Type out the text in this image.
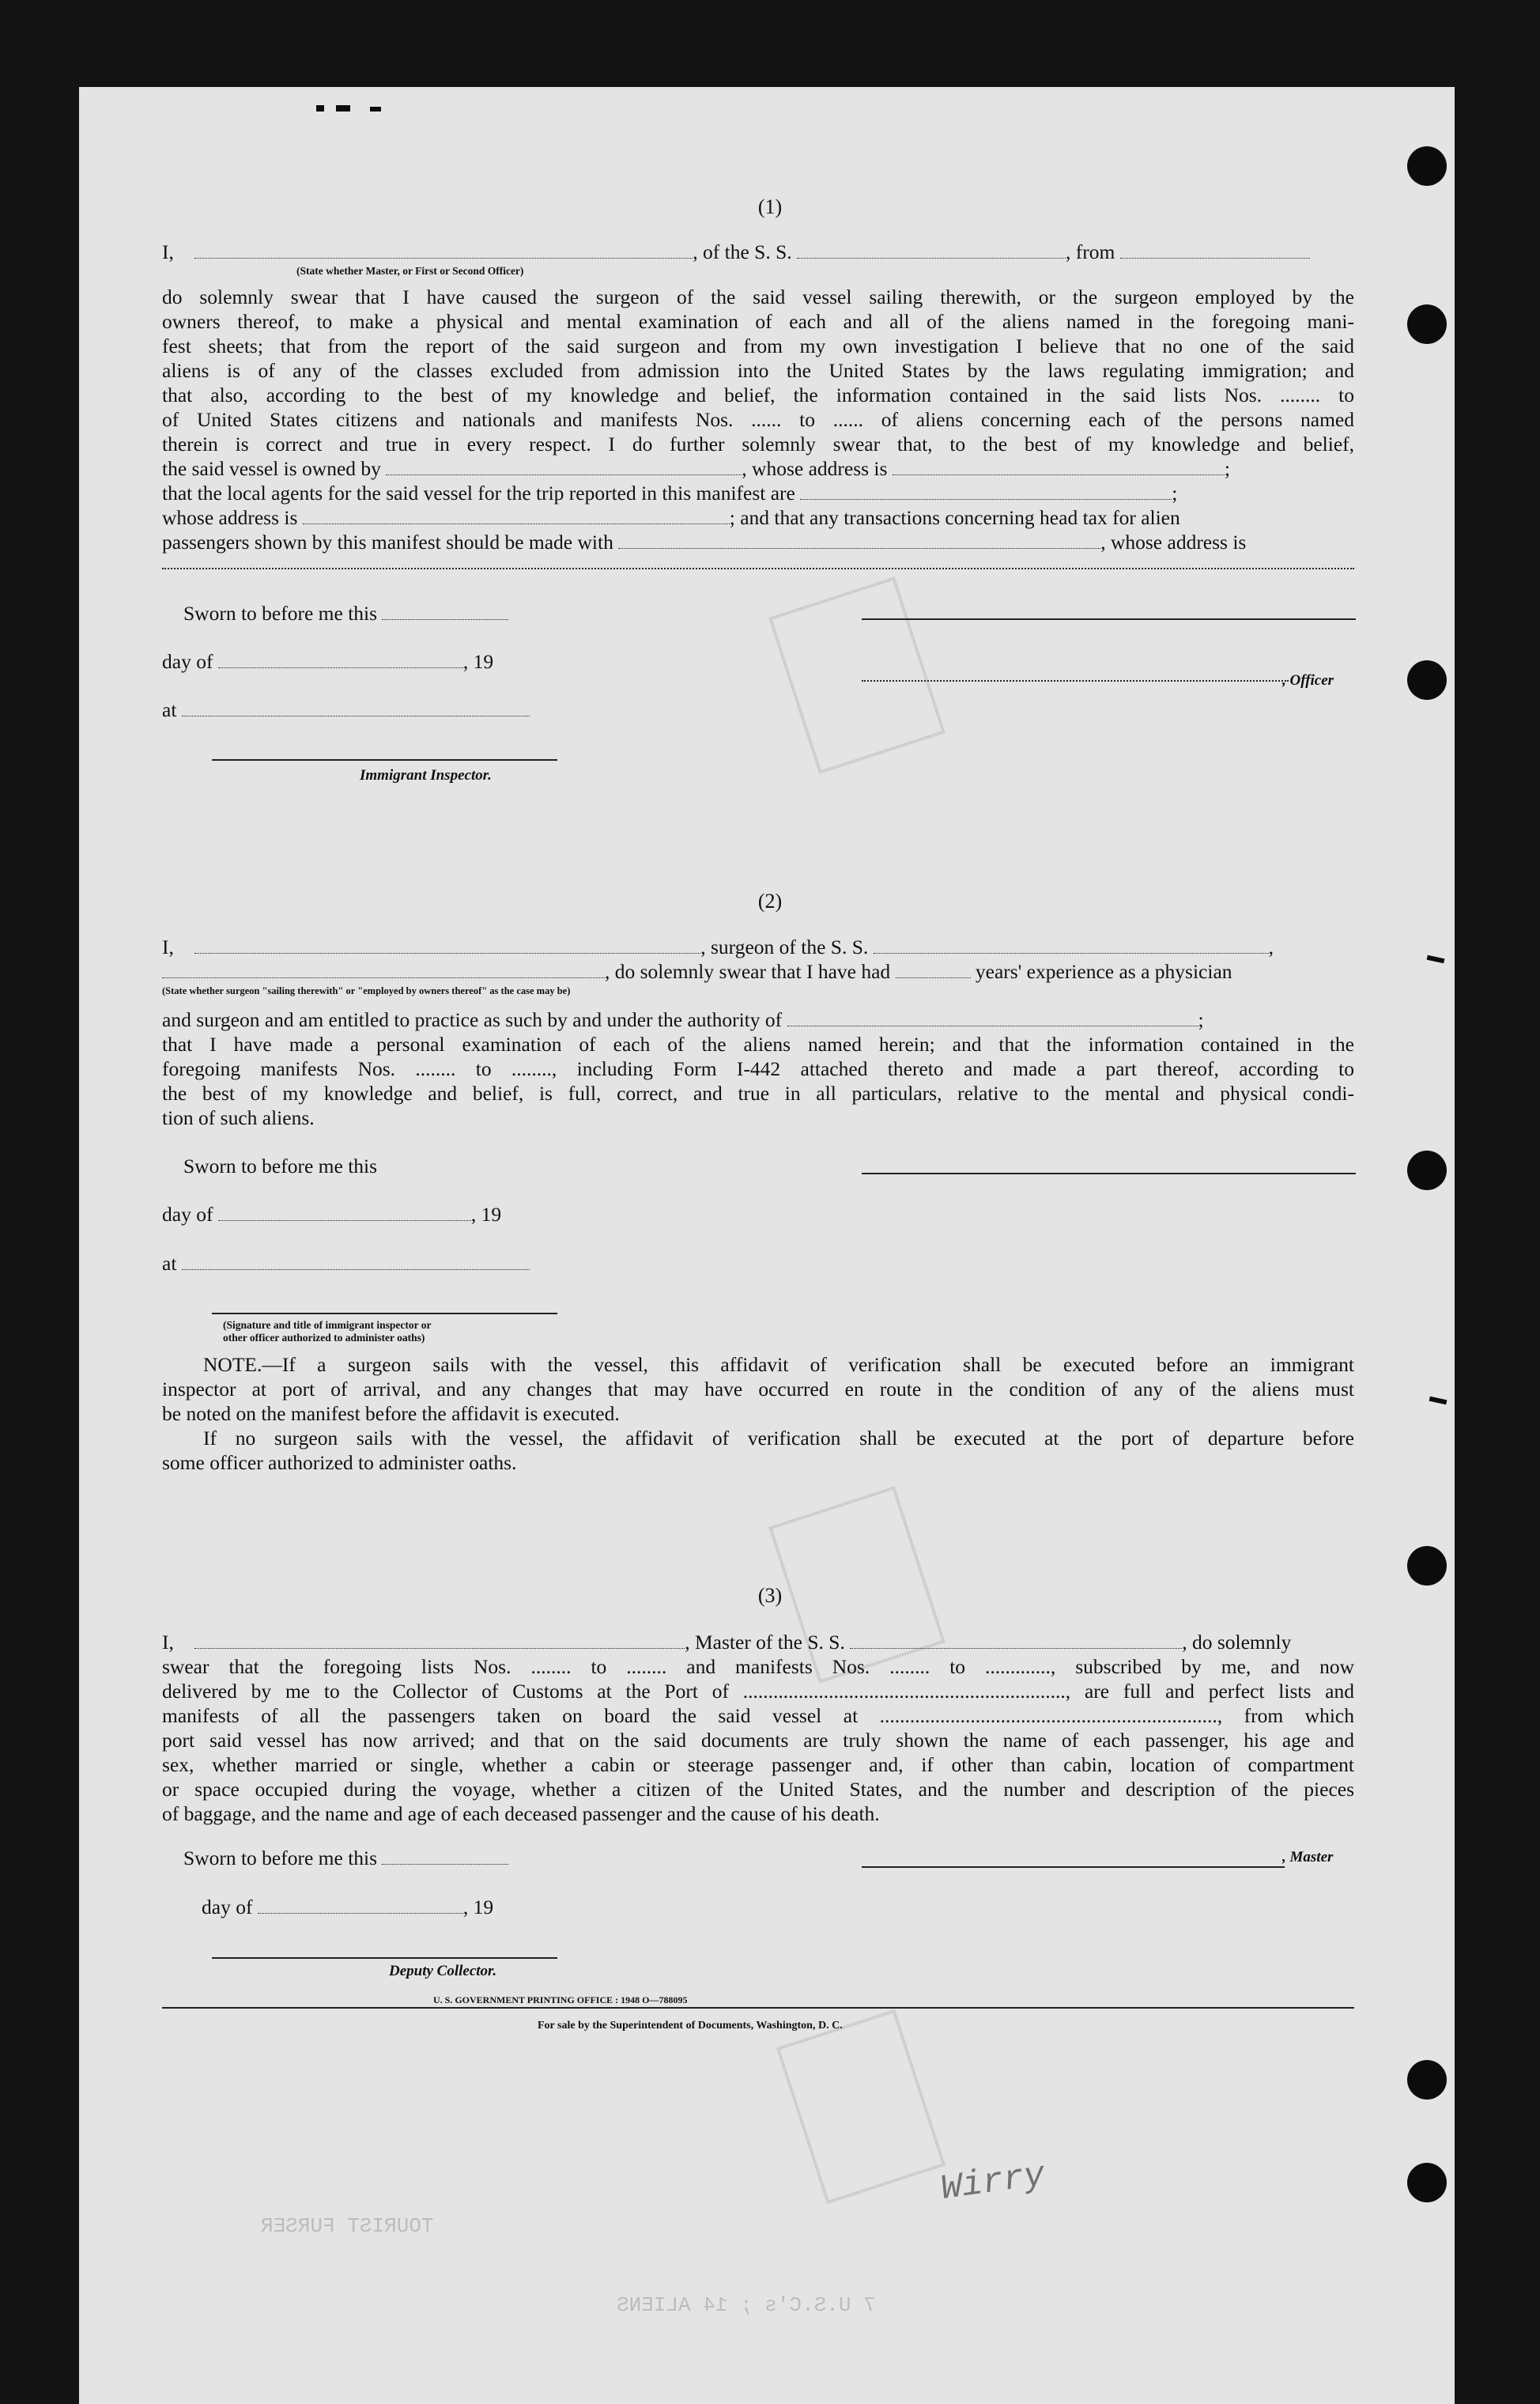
TOURIST FURSER
7 U.S.C's ; 14 ALIENS
Wirry
(1)
I,	, of the S. S.	, from
(State whether Master, or First or Second Officer)
do solemnly swear that I have caused the surgeon of the said vessel sailing therewith, or the surgeon employed by the
owners thereof, to make a physical and mental examination of each and all of the aliens named in the foregoing mani-
fest sheets; that from the report of the said surgeon and from my own investigation I believe that no one of the said
aliens is of any of the classes excluded from admission into the United States by the laws regulating immigration; and
that also, according to the best of my knowledge and belief, the information contained in the said lists Nos. ........ to
of United States citizens and nationals and manifests Nos. ...... to ...... of aliens concerning each of the persons named
therein is correct and true in every respect. I do further solemnly swear that, to the best of my knowledge and belief,
the said vessel is owned by	, whose address is	;
that the local agents for the said vessel for the trip reported in this manifest are	;
whose address is	; and that any transactions concerning head tax for alien
passengers shown by this manifest should be made with	, whose address is
Sworn to before me this
day of	, 19
, Officer
at
Immigrant Inspector.
(2)
I,	, surgeon of the S. S.	,
, do solemnly swear that I have had	years' experience as a physician
(State whether surgeon "sailing therewith" or "employed by owners thereof" as the case may be)
and surgeon and am entitled to practice as such by and under the authority of	;
that I have made a personal examination of each of the aliens named herein; and that the information contained in the
foregoing manifests Nos. ........ to ........, including Form I-442 attached thereto and made a part thereof, according to
the best of my knowledge and belief, is full, correct, and true in all particulars, relative to the mental and physical condi-
tion of such aliens.
Sworn to before me this
day of	, 19
at
(Signature and title of immigrant inspector or
other officer authorized to administer oaths)
NOTE.—If a surgeon sails with the vessel, this affidavit of verification shall be executed before an immigrant
inspector at port of arrival, and any changes that may have occurred en route in the condition of any of the aliens must
be noted on the manifest before the affidavit is executed.
If no surgeon sails with the vessel, the affidavit of verification shall be executed at the port of departure before
some officer authorized to administer oaths.
(3)
I,	, Master of the S. S.	, do solemnly
swear that the foregoing lists Nos. ........ to ........ and manifests Nos. ........ to ............., subscribed by me, and now
delivered by me to the Collector of Customs at the Port of ................................................................, are full and perfect lists and
manifests of all the passengers taken on board the said vessel at ..................................................................., from which
port said vessel has now arrived; and that on the said documents are truly shown the name of each passenger, his age and
sex, whether married or single, whether a cabin or steerage passenger and, if other than cabin, location of compartment
or space occupied during the voyage, whether a citizen of the United States, and the number and description of the pieces
of baggage, and the name and age of each deceased passenger and the cause of his death.
Sworn to before me this	, Master
day of	, 19
Deputy Collector.
U. S. GOVERNMENT PRINTING OFFICE : 1948 O—788095
For sale by the Superintendent of Documents, Washington, D. C.
